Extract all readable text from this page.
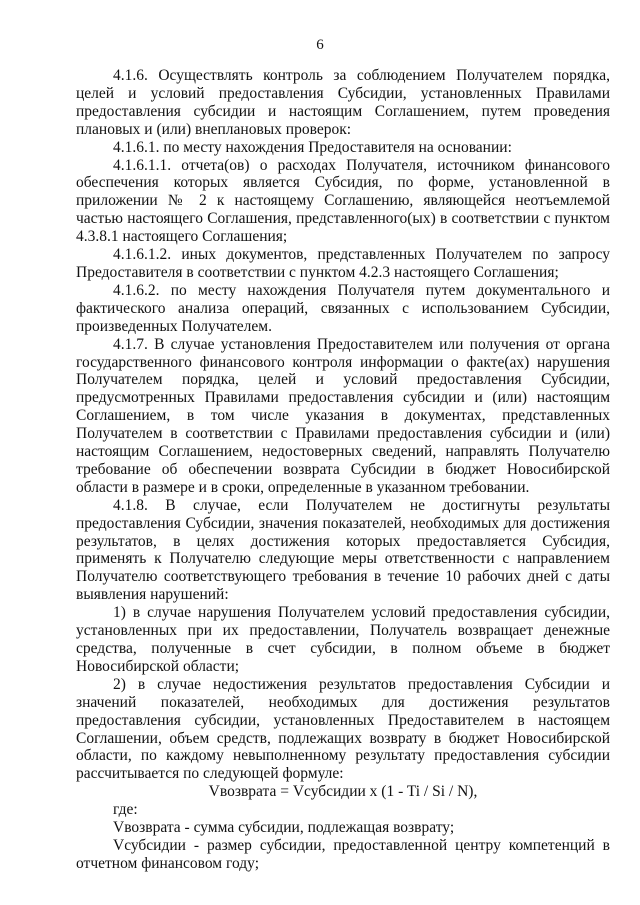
6

4.1.6. Осуществлять контроль за соблюдением Получателем порядка, целей и условий предоставления Субсидии, установленных Правилами предоставления субсидии и настоящим Соглашением, путем проведения плановых и (или) внеплановых проверок:

4.1.6.1. по месту нахождения Предоставителя на основании:

4.1.6.1.1. отчета(ов) о расходах Получателя, источником финансового обеспечения которых является Субсидия, по форме, установленной в приложении № 2 к настоящему Соглашению, являющейся неотъемлемой частью настоящего Соглашения, представленного(ых) в соответствии с пунктом 4.3.8.1 настоящего Соглашения;

4.1.6.1.2. иных документов, представленных Получателем по запросу Предоставителя в соответствии с пунктом 4.2.3 настоящего Соглашения;

4.1.6.2. по месту нахождения Получателя путем документального и фактического анализа операций, связанных с использованием Субсидии, произведенных Получателем.

4.1.7. В случае установления Предоставителем или получения от органа государственного финансового контроля информации о факте(ах) нарушения Получателем порядка, целей и условий предоставления Субсидии, предусмотренных Правилами предоставления субсидии и (или) настоящим Соглашением, в том числе указания в документах, представленных Получателем в соответствии с Правилами предоставления субсидии и (или) настоящим Соглашением, недостоверных сведений, направлять Получателю требование об обеспечении возврата Субсидии в бюджет Новосибирской области в размере и в сроки, определенные в указанном требовании.

4.1.8. В случае, если Получателем не достигнуты результаты предоставления Субсидии, значения показателей, необходимых для достижения результатов, в целях достижения которых предоставляется Субсидия, применять к Получателю следующие меры ответственности с направлением Получателю соответствующего требования в течение 10 рабочих дней с даты выявления нарушений:

1) в случае нарушения Получателем условий предоставления субсидии, установленных при их предоставлении, Получатель возвращает денежные средства, полученные в счет субсидии, в полном объеме в бюджет Новосибирской области;

2) в случае недостижения результатов предоставления Субсидии и значений показателей, необходимых для достижения результатов предоставления субсидии, установленных Предоставителем в настоящем Соглашении, объем средств, подлежащих возврату в бюджет Новосибирской области, по каждому невыполненному результату предоставления субсидии рассчитывается по следующей формуле:

Vвозврата = Vсубсидии x (1 - Ti / Si / N),

где:

Vвозврата - сумма субсидии, подлежащая возврату;

Vсубсидии - размер субсидии, предоставленной центру компетенций в отчетном финансовом году;
